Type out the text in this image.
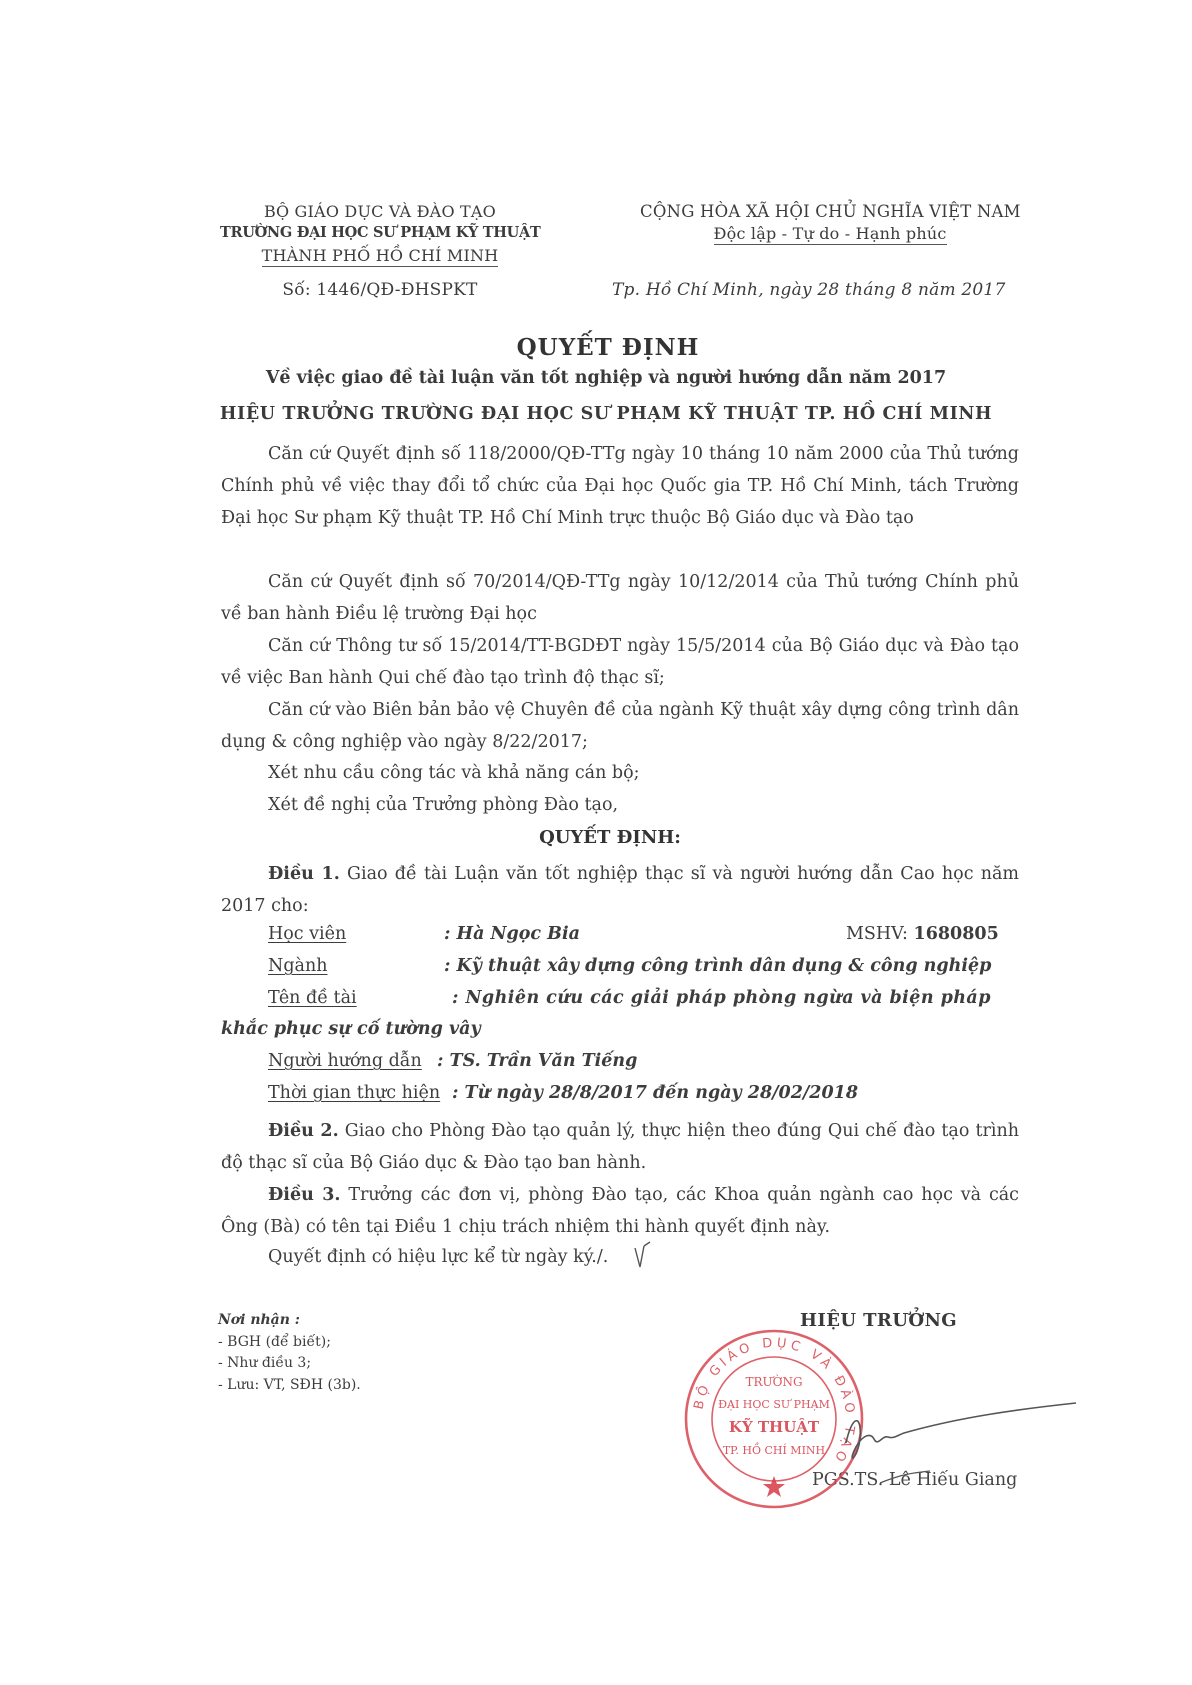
BỘ GIÁO DỤC VÀ ĐÀO TẠO
TRƯỜNG ĐẠI HỌC SƯ PHẠM KỸ THUẬT
THÀNH PHỐ HỒ CHÍ MINH
Số: 1446/QĐ-ĐHSPKT
CỘNG HÒA XÃ HỘI CHỦ NGHĨA VIỆT NAM
Độc lập - Tự do - Hạnh phúc
Tp. Hồ Chí Minh, ngày 28 tháng 8 năm 2017
QUYẾT ĐỊNH
Về việc giao đề tài luận văn tốt nghiệp và người hướng dẫn năm 2017
HIỆU TRƯỞNG TRƯỜNG ĐẠI HỌC SƯ PHẠM KỸ THUẬT TP. HỒ CHÍ MINH
Căn cứ Quyết định số 118/2000/QĐ-TTg ngày 10 tháng 10 năm 2000 của Thủ tướng Chính phủ về việc thay đổi tổ chức của Đại học Quốc gia TP. Hồ Chí Minh, tách Trường Đại học Sư phạm Kỹ thuật TP. Hồ Chí Minh trực thuộc Bộ Giáo dục và Đào tạo
Căn cứ Quyết định số 70/2014/QĐ-TTg ngày 10/12/2014 của Thủ tướng Chính phủ về ban hành Điều lệ trường Đại học
Căn cứ Thông tư số 15/2014/TT-BGDĐT ngày 15/5/2014 của Bộ Giáo dục và Đào tạo về việc Ban hành Qui chế đào tạo trình độ thạc sĩ;
Căn cứ vào Biên bản bảo vệ Chuyên đề của ngành Kỹ thuật xây dựng công trình dân dụng & công nghiệp vào ngày 8/22/2017;
Xét nhu cầu công tác và khả năng cán bộ;
Xét đề nghị của Trưởng phòng Đào tạo,
QUYẾT ĐỊNH:
Điều 1. Giao đề tài Luận văn tốt nghiệp thạc sĩ và người hướng dẫn Cao học năm 2017 cho:
Học viên	: Hà Ngọc Bia	MSHV: 1680805
Ngành	: Kỹ thuật xây dựng công trình dân dụng & công nghiệp
Tên đề tài	: Nghiên cứu các giải pháp phòng ngừa và biện pháp
khắc phục sự cố tường vây
Người hướng dẫn : TS. Trần Văn Tiếng
Thời gian thực hiện : Từ ngày 28/8/2017 đến ngày 28/02/2018
Điều 2. Giao cho Phòng Đào tạo quản lý, thực hiện theo đúng Qui chế đào tạo trình độ thạc sĩ của Bộ Giáo dục & Đào tạo ban hành.
Điều 3. Trưởng các đơn vị, phòng Đào tạo, các Khoa quản ngành cao học và các Ông (Bà) có tên tại Điều 1 chịu trách nhiệm thi hành quyết định này.
Quyết định có hiệu lực kể từ ngày ký./.
Nơi nhận :
- BGH (để biết);
- Như điều 3;
- Lưu: VT, SĐH (3b).
HIỆU TRƯỞNG
PGS.TS. Lê Hiếu Giang
BỘ GIÁO DỤC VÀ ĐÀO TẠO
TRƯỜNG
ĐẠI HỌC SƯ PHẠM
KỸ THUẬT
TP. HỒ CHÍ MINH
